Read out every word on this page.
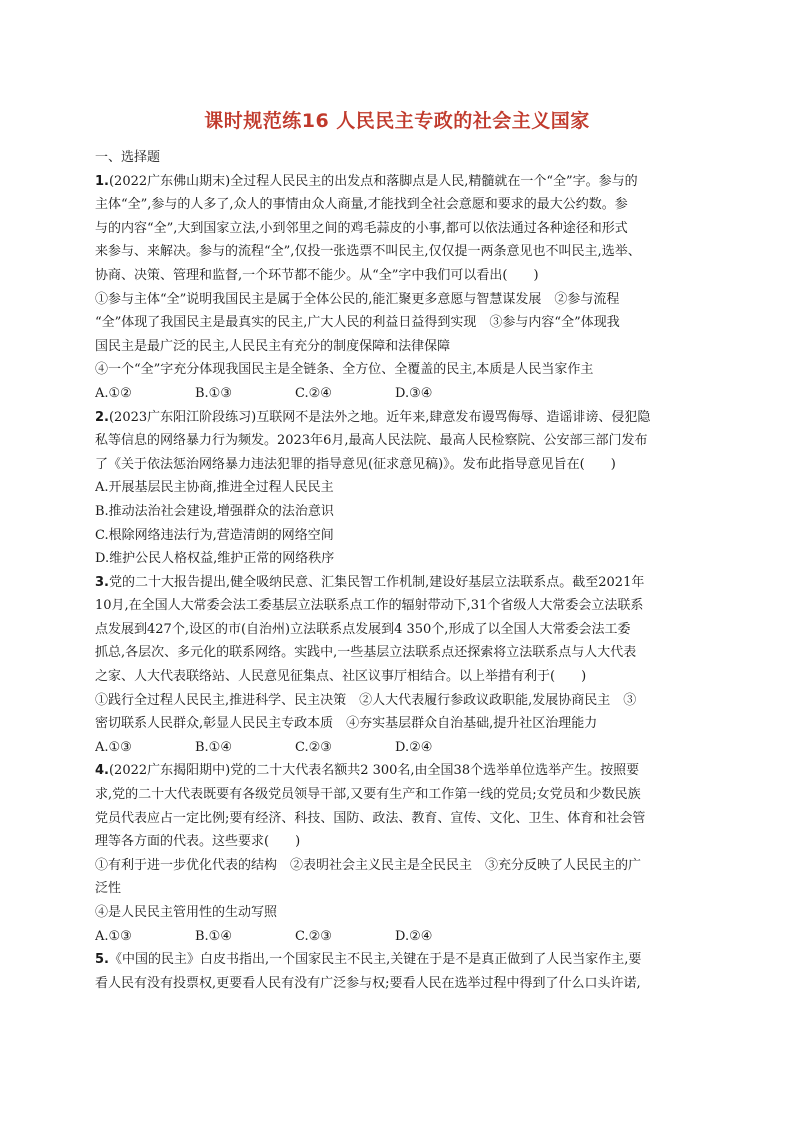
课时规范练16 人民民主专政的社会主义国家

一、选择题

1.(2022广东佛山期末)全过程人民民主的出发点和落脚点是人民,精髓就在一个“全”字。参与的

主体“全”,参与的人多了,众人的事情由众人商量,才能找到全社会意愿和要求的最大公约数。参

与的内容“全”,大到国家立法,小到邻里之间的鸡毛蒜皮的小事,都可以依法通过各种途径和形式

来参与、来解决。参与的流程“全”,仅投一张选票不叫民主,仅仅提一两条意见也不叫民主,选举、

协商、决策、管理和监督,一个环节都不能少。从“全”字中我们可以看出(　　)

①参与主体“全”说明我国民主是属于全体公民的,能汇聚更多意愿与智慧谋发展　②参与流程

“全”体现了我国民主是最真实的民主,广大人民的利益日益得到实现　③参与内容“全”体现我

国民主是最广泛的民主,人民民主有充分的制度保障和法律保障

④一个“全”字充分体现我国民主是全链条、全方位、全覆盖的民主,本质是人民当家作主

A.①②	B.①③	C.②④	D.③④

2.(2023广东阳江阶段练习)互联网不是法外之地。近年来,肆意发布谩骂侮辱、造谣诽谤、侵犯隐

私等信息的网络暴力行为频发。2023年6月,最高人民法院、最高人民检察院、公安部三部门发布

了《关于依法惩治网络暴力违法犯罪的指导意见(征求意见稿)》。发布此指导意见旨在(　　)

A.开展基层民主协商,推进全过程人民民主

B.推动法治社会建设,增强群众的法治意识

C.根除网络违法行为,营造清朗的网络空间

D.维护公民人格权益,维护正常的网络秩序

3.党的二十大报告提出,健全吸纳民意、汇集民智工作机制,建设好基层立法联系点。截至2021年

10月,在全国人大常委会法工委基层立法联系点工作的辐射带动下,31个省级人大常委会立法联系

点发展到427个,设区的市(自治州)立法联系点发展到4 350个,形成了以全国人大常委会法工委

抓总,各层次、多元化的联系网络。实践中,一些基层立法联系点还探索将立法联系点与人大代表

之家、人大代表联络站、人民意见征集点、社区议事厅相结合。以上举措有利于(　　)

①践行全过程人民民主,推进科学、民主决策　②人大代表履行参政议政职能,发展协商民主　③

密切联系人民群众,彰显人民民主专政本质　④夯实基层群众自治基础,提升社区治理能力

A.①③	B.①④	C.②③	D.②④

4.(2022广东揭阳期中)党的二十大代表名额共2 300名,由全国38个选举单位选举产生。按照要

求,党的二十大代表既要有各级党员领导干部,又要有生产和工作第一线的党员;女党员和少数民族

党员代表应占一定比例;要有经济、科技、国防、政法、教育、宣传、文化、卫生、体育和社会管

理等各方面的代表。这些要求(　　)

①有利于进一步优化代表的结构　②表明社会主义民主是全民民主　③充分反映了人民民主的广

泛性

④是人民民主管用性的生动写照

A.①③	B.①④	C.②③	D.②④

5.《中国的民主》白皮书指出,一个国家民主不民主,关键在于是不是真正做到了人民当家作主,要

看人民有没有投票权,更要看人民有没有广泛参与权;要看人民在选举过程中得到了什么口头许诺,
